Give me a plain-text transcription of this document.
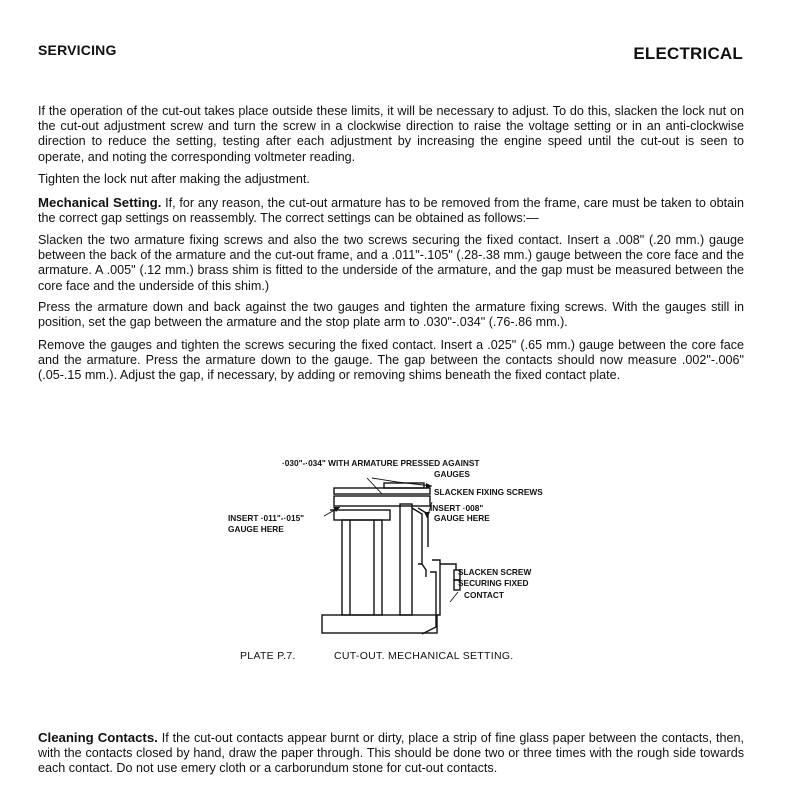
SERVICING	ELECTRICAL

If the operation of the cut-out takes place outside these limits, it will be necessary to adjust. To do this, slacken the lock nut on the cut-out adjustment screw and turn the screw in a clockwise direction to raise the voltage setting or in an anti-clockwise direction to reduce the setting, testing after each adjustment by increasing the engine speed until the cut-out is seen to operate, and noting the corresponding voltmeter reading.

Tighten the lock nut after making the adjustment.

Mechanical Setting. If, for any reason, the cut-out armature has to be removed from the frame, care must be taken to obtain the correct gap settings on reassembly. The correct settings can be obtained as follows:—

Slacken the two armature fixing screws and also the two screws securing the fixed contact. Insert a .008" (.20 mm.) gauge between the back of the armature and the cut-out frame, and a .011"-.105" (.28-.38 mm.) gauge between the core face and the armature. A .005" (.12 mm.) brass shim is fitted to the underside of the armature, and the gap must be measured between the core face and the underside of this shim.)

Press the armature down and back against the two gauges and tighten the armature fixing screws. With the gauges still in position, set the gap between the armature and the stop plate arm to .030"-.034" (.76-.86 mm.).

Remove the gauges and tighten the screws securing the fixed contact. Insert a .025" (.65 mm.) gauge between the core face and the armature. Press the armature down to the gauge. The gap between the contacts should now measure .002"-.006" (.05-.15 mm.). Adjust the gap, if necessary, by adding or removing shims beneath the fixed contact plate.

·030"-·034" WITH ARMATURE PRESSED AGAINST
GAUGES
SLACKEN FIXING SCREWS
INSERT ·008"
GAUGE HERE
INSERT ·011"-·015"
GAUGE HERE
SLACKEN SCREW
SECURING FIXED
CONTACT
PLATE P.7.	CUT-OUT. MECHANICAL SETTING.

Cleaning Contacts. If the cut-out contacts appear burnt or dirty, place a strip of fine glass paper between the contacts, then, with the contacts closed by hand, draw the paper through. This should be done two or three times with the rough side towards each contact. Do not use emery cloth or a carborundum stone for cut-out contacts.
